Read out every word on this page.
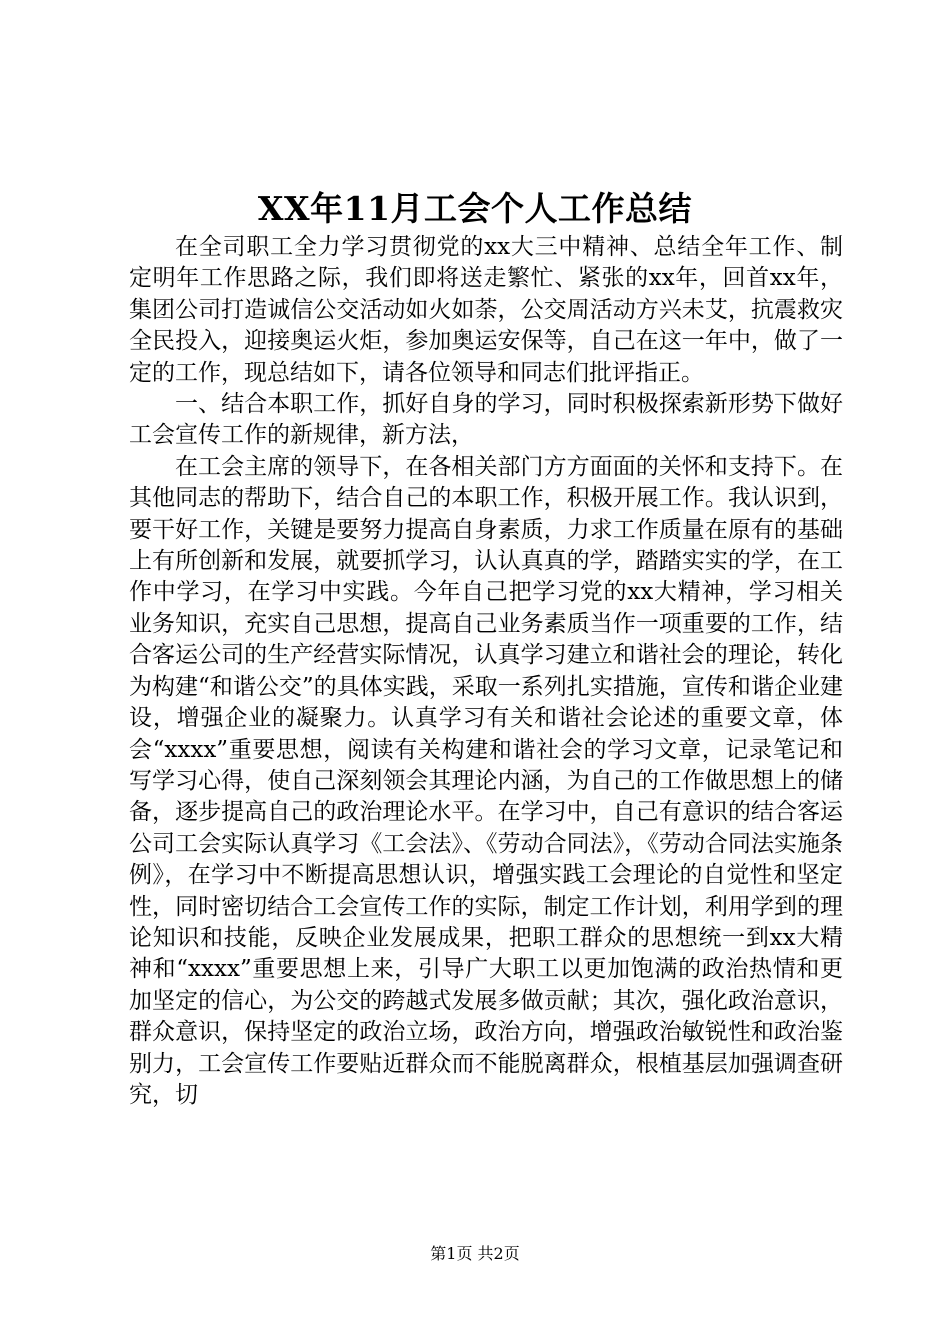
XX年11月工会个人工作总结

在全司职工全力学习贯彻党的xx大三中精神、总结全年工作、制定明年工作思路之际，我们即将送走繁忙、紧张的xx年，回首xx年，集团公司打造诚信公交活动如火如荼，公交周活动方兴未艾，抗震救灾全民投入，迎接奥运火炬，参加奥运安保等，自己在这一年中，做了一定的工作，现总结如下，请各位领导和同志们批评指正。

一、结合本职工作，抓好自身的学习，同时积极探索新形势下做好工会宣传工作的新规律，新方法，

在工会主席的领导下，在各相关部门方方面面的关怀和支持下。在其他同志的帮助下，结合自己的本职工作，积极开展工作。我认识到，要干好工作，关键是要努力提高自身素质，力求工作质量在原有的基础上有所创新和发展，就要抓学习，认认真真的学，踏踏实实的学，在工作中学习，在学习中实践。今年自己把学习党的xx大精神，学习相关业务知识，充实自己思想，提高自己业务素质当作一项重要的工作，结合客运公司的生产经营实际情况，认真学习建立和谐社会的理论，转化为构建“和谐公交”的具体实践，采取一系列扎实措施，宣传和谐企业建设，增强企业的凝聚力。认真学习有关和谐社会论述的重要文章，体会“xxxx”重要思想，阅读有关构建和谐社会的学习文章，记录笔记和写学习心得，使自己深刻领会其理论内涵，为自己的工作做思想上的储备，逐步提高自己的政治理论水平。在学习中，自己有意识的结合客运公司工会实际认真学习《工会法》、《劳动合同法》，《劳动合同法实施条例》，在学习中不断提高思想认识，增强实践工会理论的自觉性和坚定性，同时密切结合工会宣传工作的实际，制定工作计划，利用学到的理论知识和技能，反映企业发展成果，把职工群众的思想统一到xx大精神和“xxxx”重要思想上来，引导广大职工以更加饱满的政治热情和更加坚定的信心，为公交的跨越式发展多做贡献；其次，强化政治意识，群众意识，保持坚定的政治立场，政治方向，增强政治敏锐性和政治鉴别力，工会宣传工作要贴近群众而不能脱离群众，根植基层加强调查研究，切

第1页 共2页
